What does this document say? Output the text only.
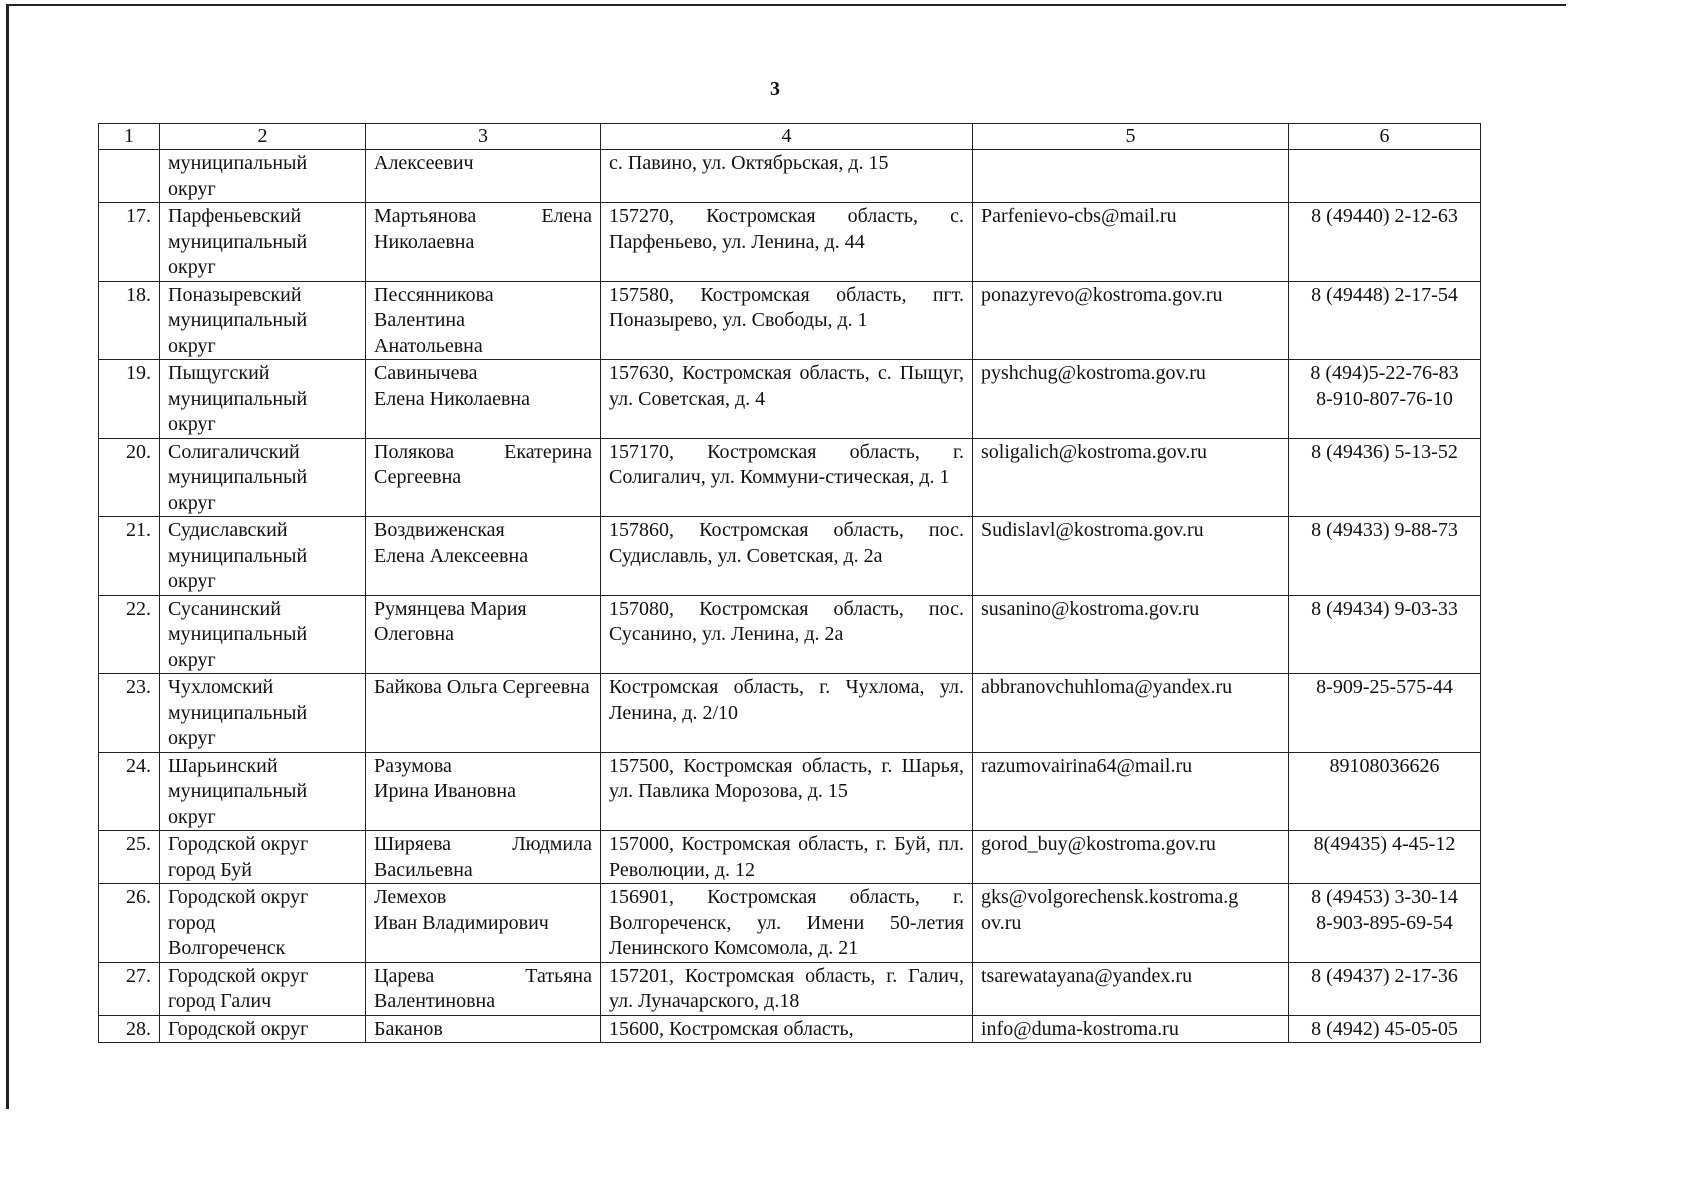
3
1	2	3	4	5	6
	муниципальный
округ	Алексеевич	с. Павино, ул. Октябрьская, д. 15		
17.	Парфеньевский
муниципальный
округ	Мартьянова Елена Николаевна	157270, Костромская область, с. Парфеньево, ул. Ленина, д. 44	Parfenievo-cbs@mail.ru	8 (49440) 2-12-63
18.	Поназыревский
муниципальный
округ	Пессянникова
Валентина
Анатольевна	157580, Костромская область, пгт. Поназырево, ул. Свободы, д. 1	ponazyrevo@kostroma.gov.ru	8 (49448) 2-17-54
19.	Пыщугский
муниципальный
округ	Савинычева
Елена Николаевна	157630, Костромская область, с. Пыщуг, ул. Советская, д. 4	pyshchug@kostroma.gov.ru	8 (494)5-22-76-83
8-910-807-76-10
20.	Солигаличский
муниципальный
округ	Полякова Екатерина Сергеевна	157170, Костромская область, г. Солигалич, ул. Коммуни-стическая, д. 1	soligalich@kostroma.gov.ru	8 (49436) 5-13-52
21.	Судиславский
муниципальный
округ	Воздвиженская
Елена Алексеевна	157860, Костромская область, пос. Судиславль, ул. Советская, д. 2а	Sudislavl@kostroma.gov.ru	8 (49433) 9-88-73
22.	Сусанинский
муниципальный
округ	Румянцева Мария
Олеговна	157080, Костромская область, пос. Сусанино, ул. Ленина, д. 2а	susanino@kostroma.gov.ru	8 (49434) 9-03-33
23.	Чухломский
муниципальный
округ	Байкова Ольга Сергеевна	Костромская область, г. Чухлома, ул. Ленина, д. 2/10	abbranovchuhloma@yandex.ru	8-909-25-575-44
24.	Шарьинский
муниципальный
округ	Разумова
Ирина Ивановна	157500, Костромская область, г. Шарья, ул. Павлика Морозова, д. 15	razumovairina64@mail.ru	89108036626
25.	Городской округ
город Буй	Ширяева Людмила Васильевна	157000, Костромская область, г. Буй, пл. Революции, д. 12	gorod_buy@kostroma.gov.ru	8(49435) 4-45-12
26.	Городской округ
город
Волгореченск	Лемехов
Иван Владимирович	156901, Костромская область, г. Волгореченск, ул. Имени 50-летия Ленинского Комсомола, д. 21	gks@volgorechensk.kostroma.g
ov.ru	8 (49453) 3-30-14
8-903-895-69-54
27.	Городской округ
город Галич	Царева Татьяна Валентиновна	157201, Костромская область, г. Галич, ул. Луначарского, д.18	tsarewatayana@yandex.ru	8 (49437) 2-17-36
28.	Городской округ	Баканов	15600, Костромская область,	info@duma-kostroma.ru	8 (4942) 45-05-05
